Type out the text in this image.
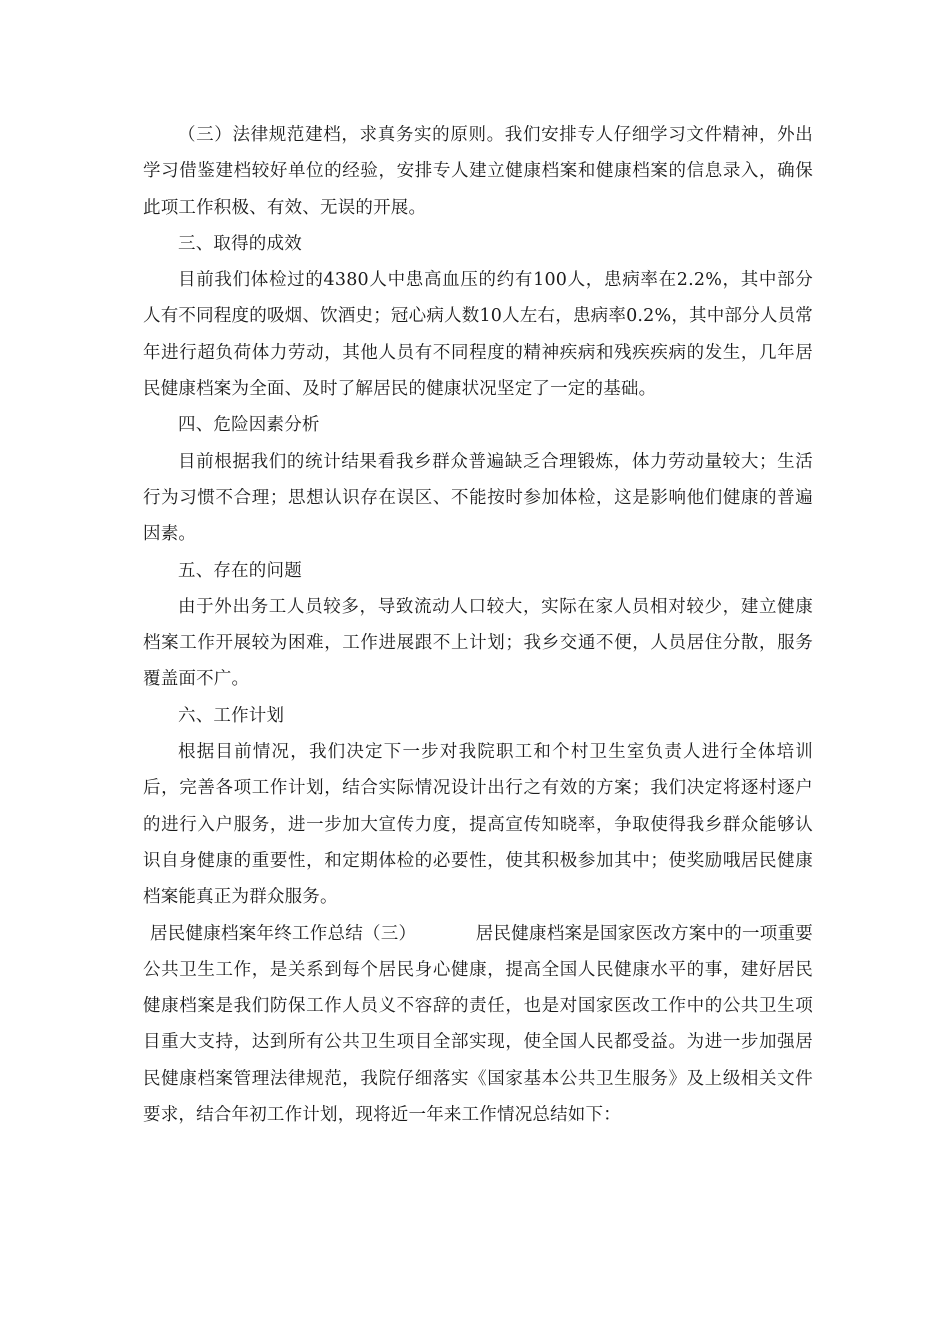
（三）法律规范建档，求真务实的原则。我们安排专人仔细学习文件精神，外出学习借鉴建档较好单位的经验，安排专人建立健康档案和健康档案的信息录入，确保此项工作积极、有效、无误的开展。

三、取得的成效

目前我们体检过的4380人中患高血压的约有100人，患病率在2.2%，其中部分人有不同程度的吸烟、饮酒史；冠心病人数10人左右，患病率0.2%，其中部分人员常年进行超负荷体力劳动，其他人员有不同程度的精神疾病和残疾疾病的发生，几年居民健康档案为全面、及时了解居民的健康状况坚定了一定的基础。

四、危险因素分析

目前根据我们的统计结果看我乡群众普遍缺乏合理锻炼，体力劳动量较大；生活行为习惯不合理；思想认识存在误区、不能按时参加体检，这是影响他们健康的普遍因素。

五、存在的问题

由于外出务工人员较多，导致流动人口较大，实际在家人员相对较少，建立健康档案工作开展较为困难，工作进展跟不上计划；我乡交通不便，人员居住分散，服务覆盖面不广。

六、工作计划

根据目前情况，我们决定下一步对我院职工和个村卫生室负责人进行全体培训后，完善各项工作计划，结合实际情况设计出行之有效的方案；我们决定将逐村逐户的进行入户服务，进一步加大宣传力度，提高宣传知晓率，争取使得我乡群众能够认识自身健康的重要性，和定期体检的必要性，使其积极参加其中；使奖励哦居民健康档案能真正为群众服务。

居民健康档案年终工作总结（三）	居民健康档案是国家医改方案中的一项重要公共卫生工作，是关系到每个居民身心健康，提高全国人民健康水平的事，建好居民健康档案是我们防保工作人员义不容辞的责任，也是对国家医改工作中的公共卫生项目重大支持，达到所有公共卫生项目全部实现，使全国人民都受益。为进一步加强居民健康档案管理法律规范，我院仔细落实《国家基本公共卫生服务》及上级相关文件要求，结合年初工作计划，现将近一年来工作情况总结如下：
